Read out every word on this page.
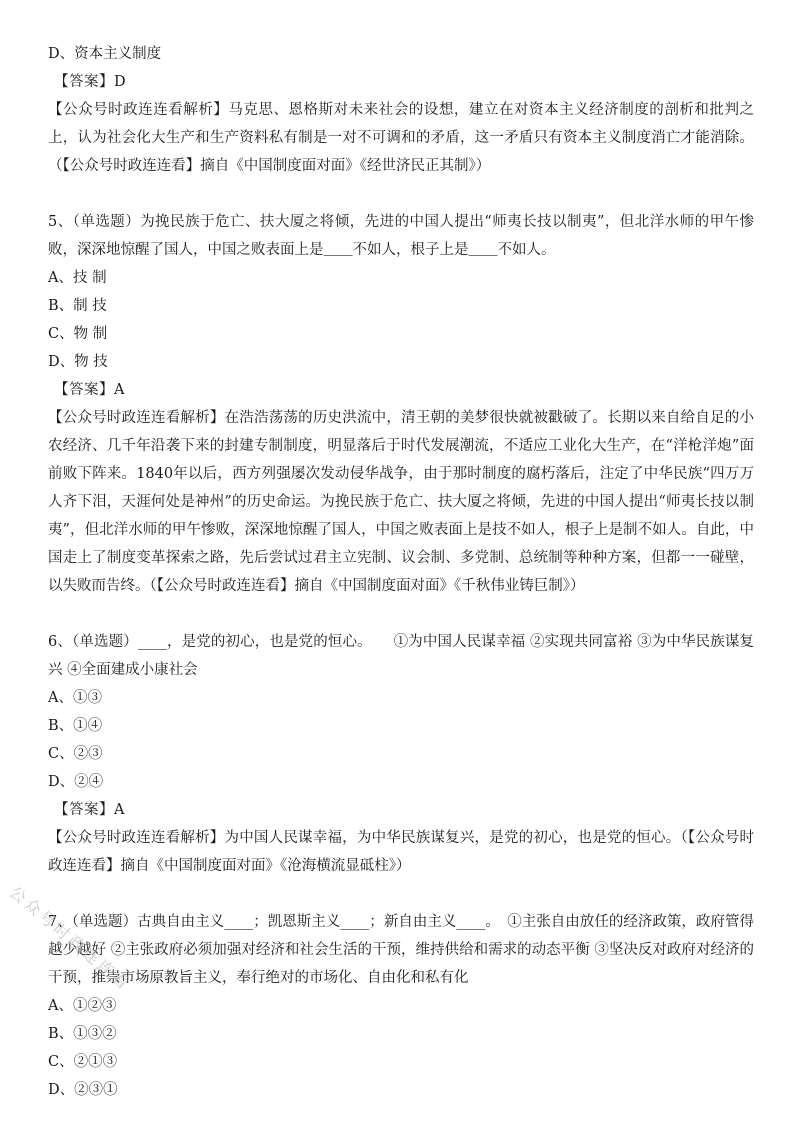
D、资本主义制度
【答案】D
【公众号时政连连看解析】马克思、恩格斯对未来社会的设想，建立在对资本主义经济制度的剖析和批判之上，认为社会化大生产和生产资料私有制是一对不可调和的矛盾，这一矛盾只有资本主义制度消亡才能消除。（【公众号时政连连看】摘自《中国制度面对面》《经世济民正其制》）
5、（单选题）为挽民族于危亡、扶大厦之将倾，先进的中国人提出“师夷长技以制夷”，但北洋水师的甲午惨败，深深地惊醒了国人，中国之败表面上是＿＿不如人，根子上是＿＿不如人。
A、技 制
B、制 技
C、物 制
D、物 技
【答案】A
【公众号时政连连看解析】在浩浩荡荡的历史洪流中，清王朝的美梦很快就被戳破了。长期以来自给自足的小农经济、几千年沿袭下来的封建专制制度，明显落后于时代发展潮流，不适应工业化大生产，在“洋枪洋炮”面前败下阵来。1840年以后，西方列强屡次发动侵华战争，由于那时制度的腐朽落后，注定了中华民族“四万万人齐下泪，天涯何处是神州”的历史命运。为挽民族于危亡、扶大厦之将倾，先进的中国人提出“师夷长技以制夷”，但北洋水师的甲午惨败，深深地惊醒了国人，中国之败表面上是技不如人，根子上是制不如人。自此，中国走上了制度变革探索之路，先后尝试过君主立宪制、议会制、多党制、总统制等种种方案，但都一一碰壁，以失败而告终。（【公众号时政连连看】摘自《中国制度面对面》《千秋伟业铸巨制》）
6、（单选题）____，是党的初心，也是党的恒心。　　①为中国人民谋幸福 ②实现共同富裕 ③为中华民族谋复兴 ④全面建成小康社会
A、①③
B、①④
C、②③
D、②④
【答案】A
【公众号时政连连看解析】为中国人民谋幸福，为中华民族谋复兴，是党的初心，也是党的恒心。（【公众号时政连连看】摘自《中国制度面对面》《沧海横流显砥柱》）
7、（单选题）古典自由主义____；凯恩斯主义____；新自由主义____。　①主张自由放任的经济政策，政府管得越少越好 ②主张政府必须加强对经济和社会生活的干预，维持供给和需求的动态平衡 ③坚决反对政府对经济的干预，推崇市场原教旨主义，奉行绝对的市场化、自由化和私有化
A、①②③
B、①③②
C、②①③
D、②③①
公众号时政连连看
